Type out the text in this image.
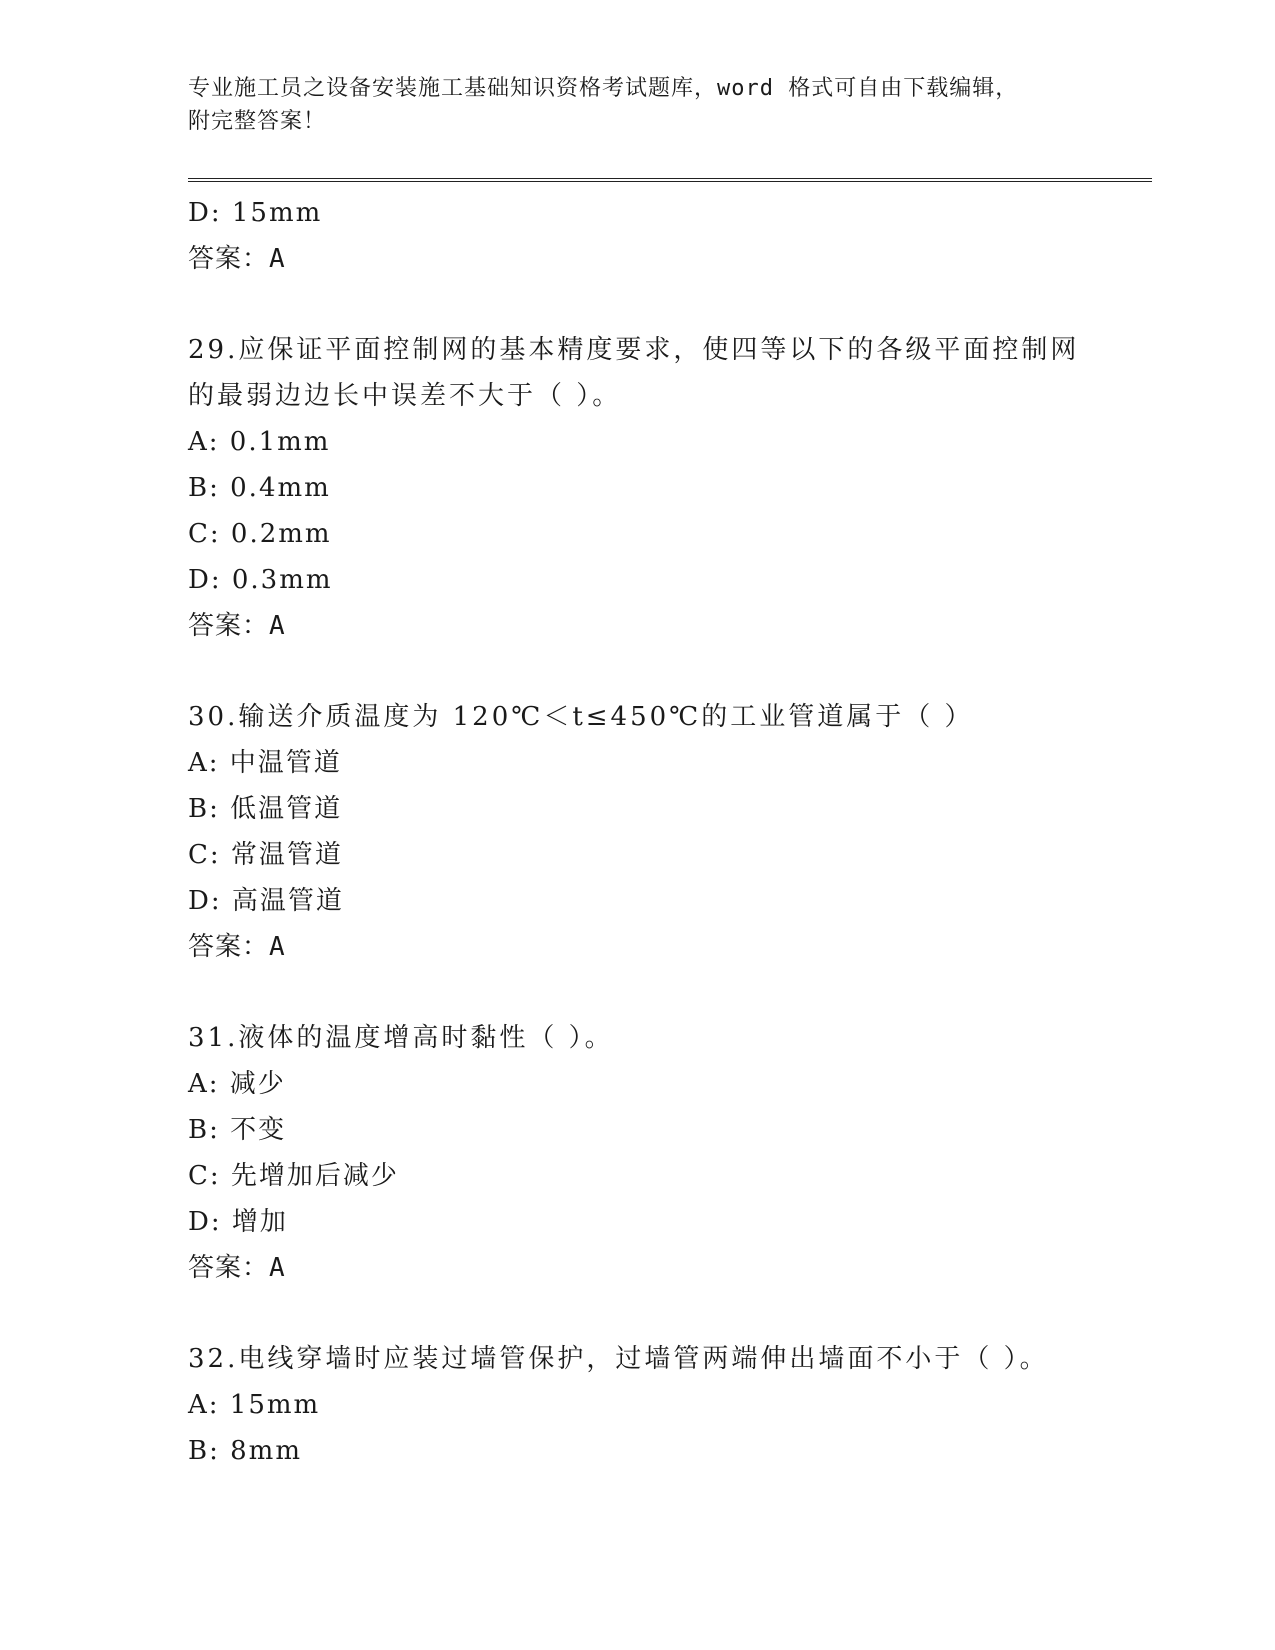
专业施工员之设备安装施工基础知识资格考试题库，word 格式可自由下载编辑，
附完整答案！
D: 15mm
答案：A
29.应保证平面控制网的基本精度要求，使四等以下的各级平面控制网
的最弱边边长中误差不大于（ ）。
A: 0.1mm
B: 0.4mm
C: 0.2mm
D: 0.3mm
答案：A
30.输送介质温度为 120℃＜t≤450℃的工业管道属于（ ）
A: 中温管道
B: 低温管道
C: 常温管道
D: 高温管道
答案：A
31.液体的温度增高时黏性（ ）。
A: 减少
B: 不变
C: 先增加后减少
D: 增加
答案：A
32.电线穿墙时应装过墙管保护，过墙管两端伸出墙面不小于（ ）。
A: 15mm
B: 8mm
